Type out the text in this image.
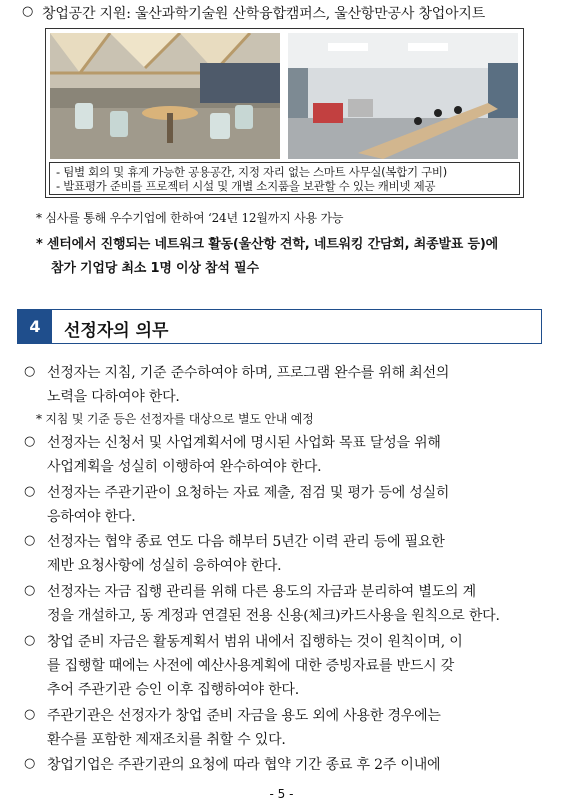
○ 창업공간 지원: 울산과학기술원 산학융합캠퍼스, 울산항만공사 창업아지트
- 팀별 회의 및 휴게 가능한 공용공간, 지정 자리 없는 스마트 사무실(복합기 구비)
- 발표평가 준비를 프로젝터 시설 및 개별 소지품을 보관할 수 있는 캐비넷 제공
* 심사를 통해 우수기업에 한하여 ‘24년 12월까지 사용 가능
* 센터에서 진행되는 네트워크 활동(울산항 견학, 네트워킹 간담회, 최종발표 등)에
참가 기업당 최소 1명 이상 참석 필수
4	선정자의 의무
○ 선정자는 지침, 기준 준수하여야 하며, 프로그램 완수를 위해 최선의
노력을 다하여야 한다.
* 지침 및 기준 등은 선정자를 대상으로 별도 안내 예정
○ 선정자는 신청서 및 사업계획서에 명시된 사업화 목표 달성을 위해
사업계획을 성실히 이행하여 완수하여야 한다.
○ 선정자는 주관기관이 요청하는 자료 제출, 점검 및 평가 등에 성실히
응하여야 한다.
○ 선정자는 협약 종료 연도 다음 해부터 5년간 이력 관리 등에 필요한
제반 요청사항에 성실히 응하여야 한다.
○ 선정자는 자금 집행 관리를 위해 다른 용도의 자금과 분리하여 별도의 계
정을 개설하고, 동 계정과 연결된 전용 신용(체크)카드사용을 원칙으로 한다.
○ 창업 준비 자금은 활동계획서 범위 내에서 집행하는 것이 원칙이며, 이
를 집행할 때에는 사전에 예산사용계획에 대한 증빙자료를 반드시 갖
추어 주관기관 승인 이후 집행하여야 한다.
○ 주관기관은 선정자가 창업 준비 자금을 용도 외에 사용한 경우에는
환수를 포함한 제재조치를 취할 수 있다.
○ 창업기업은 주관기관의 요청에 따라 협약 기간 종료 후 2주 이내에
- 5 -
